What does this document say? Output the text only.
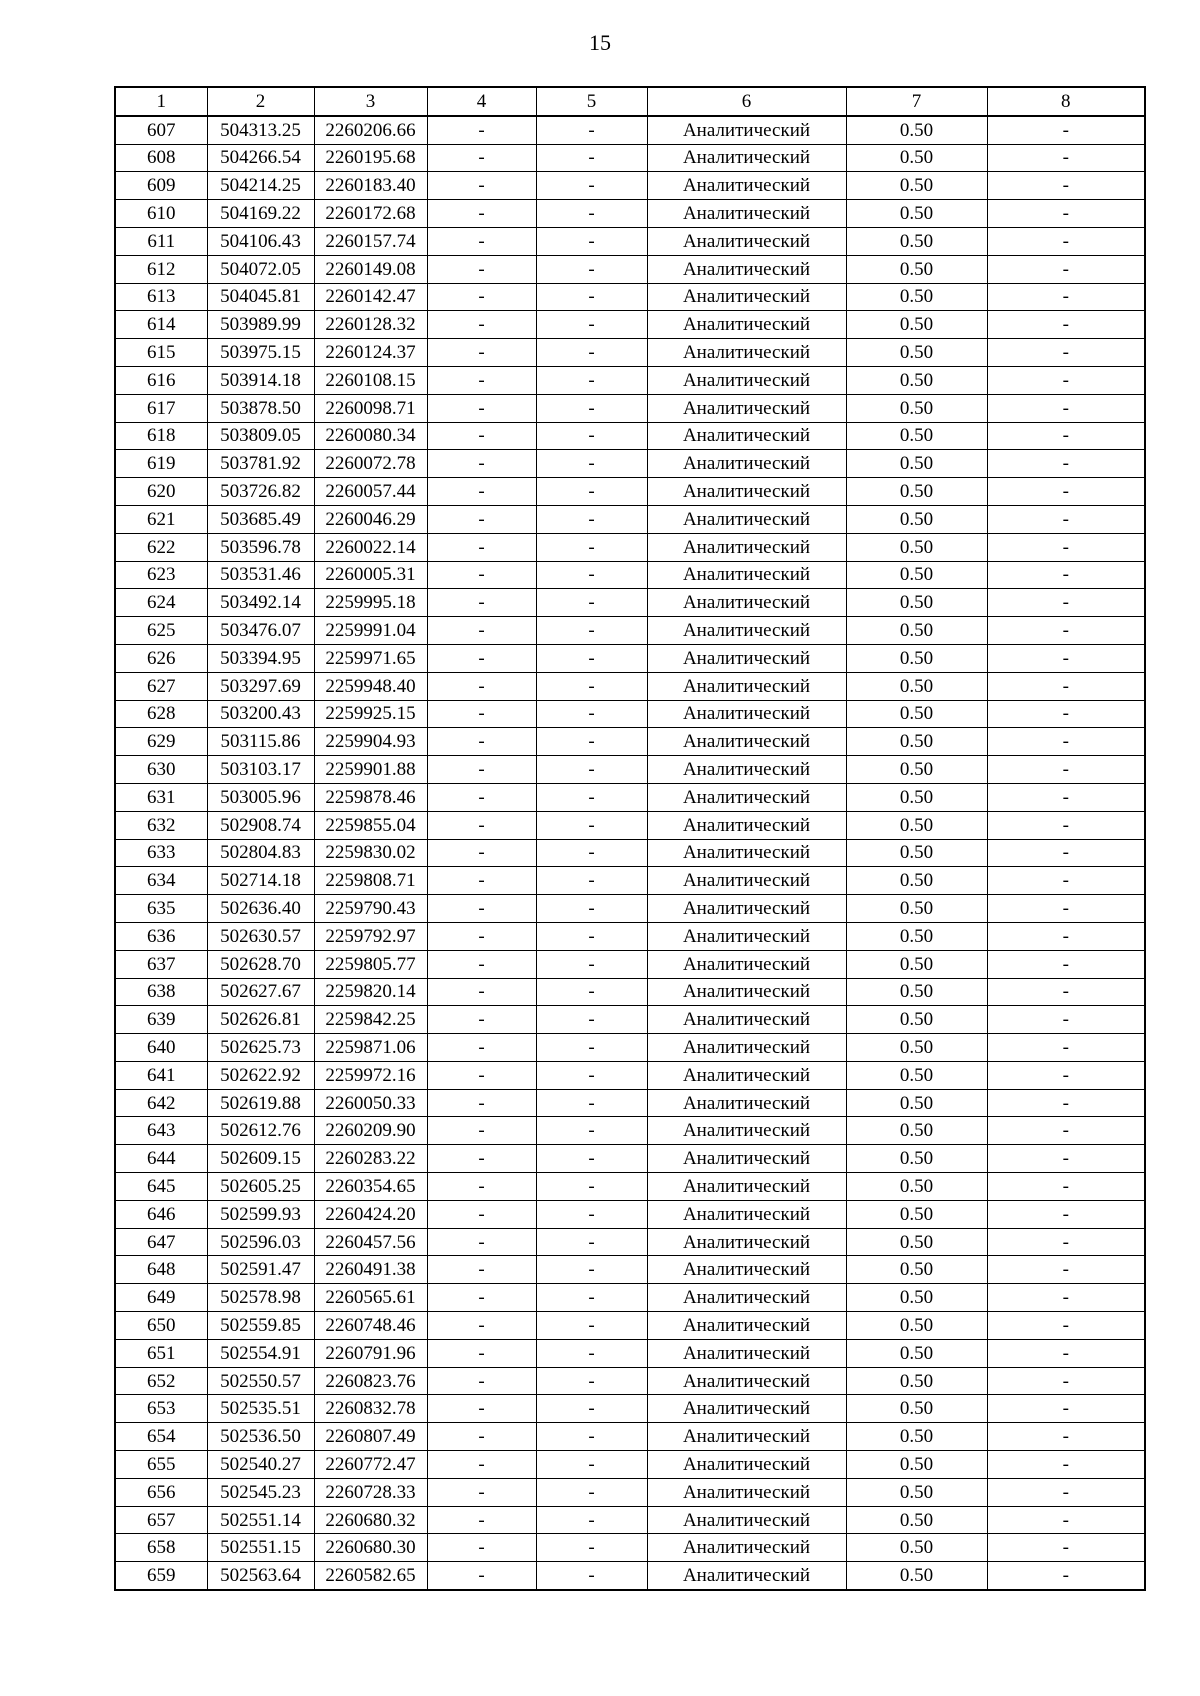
15
1	2	3	4	5	6	7	8
607	504313.25	2260206.66	-	-	Аналитический	0.50	-
608	504266.54	2260195.68	-	-	Аналитический	0.50	-
609	504214.25	2260183.40	-	-	Аналитический	0.50	-
610	504169.22	2260172.68	-	-	Аналитический	0.50	-
611	504106.43	2260157.74	-	-	Аналитический	0.50	-
612	504072.05	2260149.08	-	-	Аналитический	0.50	-
613	504045.81	2260142.47	-	-	Аналитический	0.50	-
614	503989.99	2260128.32	-	-	Аналитический	0.50	-
615	503975.15	2260124.37	-	-	Аналитический	0.50	-
616	503914.18	2260108.15	-	-	Аналитический	0.50	-
617	503878.50	2260098.71	-	-	Аналитический	0.50	-
618	503809.05	2260080.34	-	-	Аналитический	0.50	-
619	503781.92	2260072.78	-	-	Аналитический	0.50	-
620	503726.82	2260057.44	-	-	Аналитический	0.50	-
621	503685.49	2260046.29	-	-	Аналитический	0.50	-
622	503596.78	2260022.14	-	-	Аналитический	0.50	-
623	503531.46	2260005.31	-	-	Аналитический	0.50	-
624	503492.14	2259995.18	-	-	Аналитический	0.50	-
625	503476.07	2259991.04	-	-	Аналитический	0.50	-
626	503394.95	2259971.65	-	-	Аналитический	0.50	-
627	503297.69	2259948.40	-	-	Аналитический	0.50	-
628	503200.43	2259925.15	-	-	Аналитический	0.50	-
629	503115.86	2259904.93	-	-	Аналитический	0.50	-
630	503103.17	2259901.88	-	-	Аналитический	0.50	-
631	503005.96	2259878.46	-	-	Аналитический	0.50	-
632	502908.74	2259855.04	-	-	Аналитический	0.50	-
633	502804.83	2259830.02	-	-	Аналитический	0.50	-
634	502714.18	2259808.71	-	-	Аналитический	0.50	-
635	502636.40	2259790.43	-	-	Аналитический	0.50	-
636	502630.57	2259792.97	-	-	Аналитический	0.50	-
637	502628.70	2259805.77	-	-	Аналитический	0.50	-
638	502627.67	2259820.14	-	-	Аналитический	0.50	-
639	502626.81	2259842.25	-	-	Аналитический	0.50	-
640	502625.73	2259871.06	-	-	Аналитический	0.50	-
641	502622.92	2259972.16	-	-	Аналитический	0.50	-
642	502619.88	2260050.33	-	-	Аналитический	0.50	-
643	502612.76	2260209.90	-	-	Аналитический	0.50	-
644	502609.15	2260283.22	-	-	Аналитический	0.50	-
645	502605.25	2260354.65	-	-	Аналитический	0.50	-
646	502599.93	2260424.20	-	-	Аналитический	0.50	-
647	502596.03	2260457.56	-	-	Аналитический	0.50	-
648	502591.47	2260491.38	-	-	Аналитический	0.50	-
649	502578.98	2260565.61	-	-	Аналитический	0.50	-
650	502559.85	2260748.46	-	-	Аналитический	0.50	-
651	502554.91	2260791.96	-	-	Аналитический	0.50	-
652	502550.57	2260823.76	-	-	Аналитический	0.50	-
653	502535.51	2260832.78	-	-	Аналитический	0.50	-
654	502536.50	2260807.49	-	-	Аналитический	0.50	-
655	502540.27	2260772.47	-	-	Аналитический	0.50	-
656	502545.23	2260728.33	-	-	Аналитический	0.50	-
657	502551.14	2260680.32	-	-	Аналитический	0.50	-
658	502551.15	2260680.30	-	-	Аналитический	0.50	-
659	502563.64	2260582.65	-	-	Аналитический	0.50	-
